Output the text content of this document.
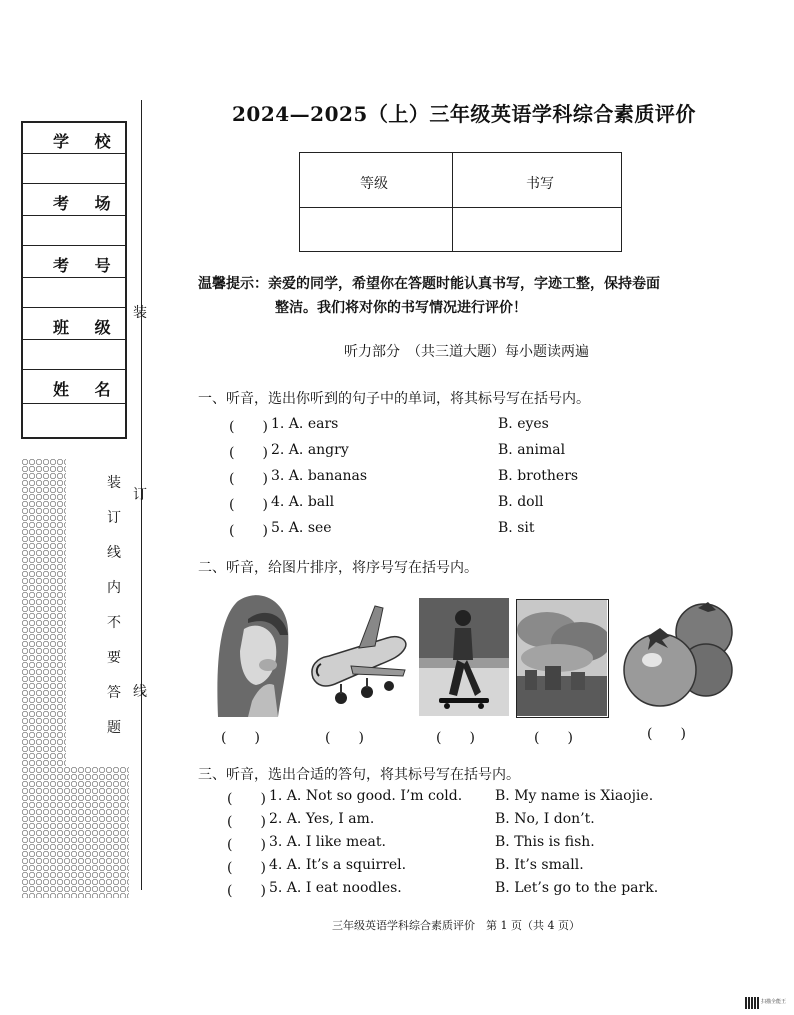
2024—2025（上）三年级英语学科综合素质评价
学 校
考 场
考 号
班 级
姓 名
装
订
线
装
订
线
内
不
要
答
题
等级	书写
温馨提示：亲爱的同学，希望你在答题时能认真书写，字迹工整，保持卷面
整洁。我们将对你的书写情况进行评价！
听力部分　（共三道大题）每小题读两遍
一、听音，选出你听到的句子中的单词，将其标号写在括号内。
(　　) 1. A. ears	B. eyes
(　　) 2. A. angry	B. animal
(　　) 3. A. bananas	B. brothers
(　　) 4. A. ball	B. doll
(　　) 5. A. see	B. sit
二、听音，给图片排序，将序号写在括号内。
(　　)	(　　)	(　　)	(　　)	(　　)
三、听音，选出合适的答句，将其标号写在括号内。
(　　) 1. A. Not so good. I’m cold. B. My name is Xiaojie.
(　　) 2. A. Yes, I am.	B. No, I don’t.
(　　) 3. A. I like meat.	B. This is fish.
(　　) 4. A. It’s a squirrel.	B. It’s small.
(　　) 5. A. I eat noodles.	B. Let’s go to the park.
三年级英语学科综合素质评价　第 1 页（共 4 页）
扫描全能王
